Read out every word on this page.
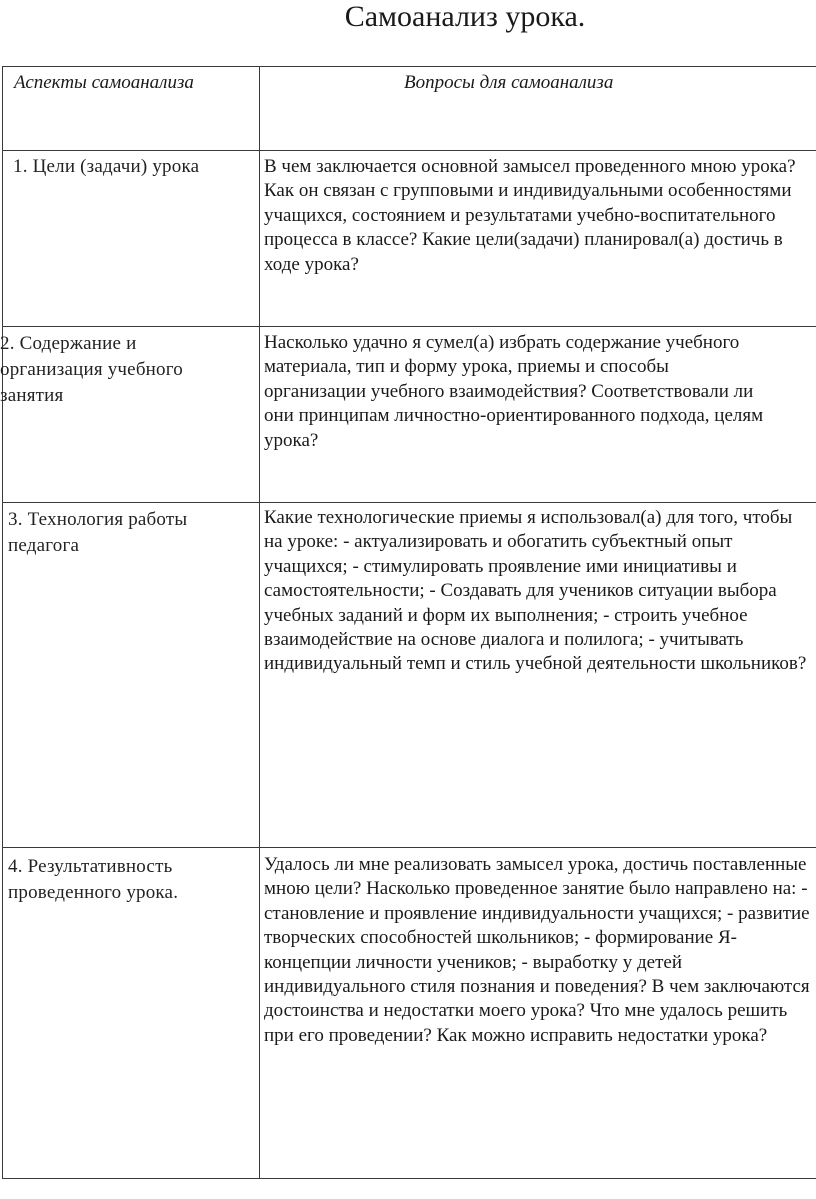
Самоанализ урока.
Аспекты самоанализа	Вопросы для самоанализа
1. Цели (задачи) урока	В чем заключается основной замысел проведенного мною урока? Как он связан с групповыми и индивидуальными особенностями учащихся, состоянием и результатами учебно-воспитательного процесса в классе? Какие цели(задачи) планировал(а) достичь в ходе урока?
2. Содержание и организация учебного занятия
Насколько удачно я сумел(а) избрать содержание учебного материала, тип и форму урока, приемы и способы организации учебного взаимодействия? Соответствовали ли они принципам личностно-ориентированного подхода, целям урока?
3. Технология работы педагога
Какие технологические приемы я использовал(а) для того, чтобы на уроке: - актуализировать и обогатить субъектный опыт учащихся; - стимулировать проявление ими инициативы и самостоятельности; - Создавать для учеников ситуации выбора учебных заданий и форм их выполнения; - строить учебное взаимодействие на основе диалога и полилога; - учитывать индивидуальный темп и стиль учебной деятельности школьников?
4. Результативность проведенного урока.
Удалось ли мне реализовать замысел урока, достичь поставленные мною цели? Насколько проведенное занятие было направлено на: - становление и проявление индивидуальности учащихся; - развитие творческих способностей школьников; - формирование Я-концепции личности учеников; - выработку у детей индивидуального стиля познания и поведения? В чем заключаются достоинства и недостатки моего урока? Что мне удалось решить при его проведении? Как можно исправить недостатки урока?
